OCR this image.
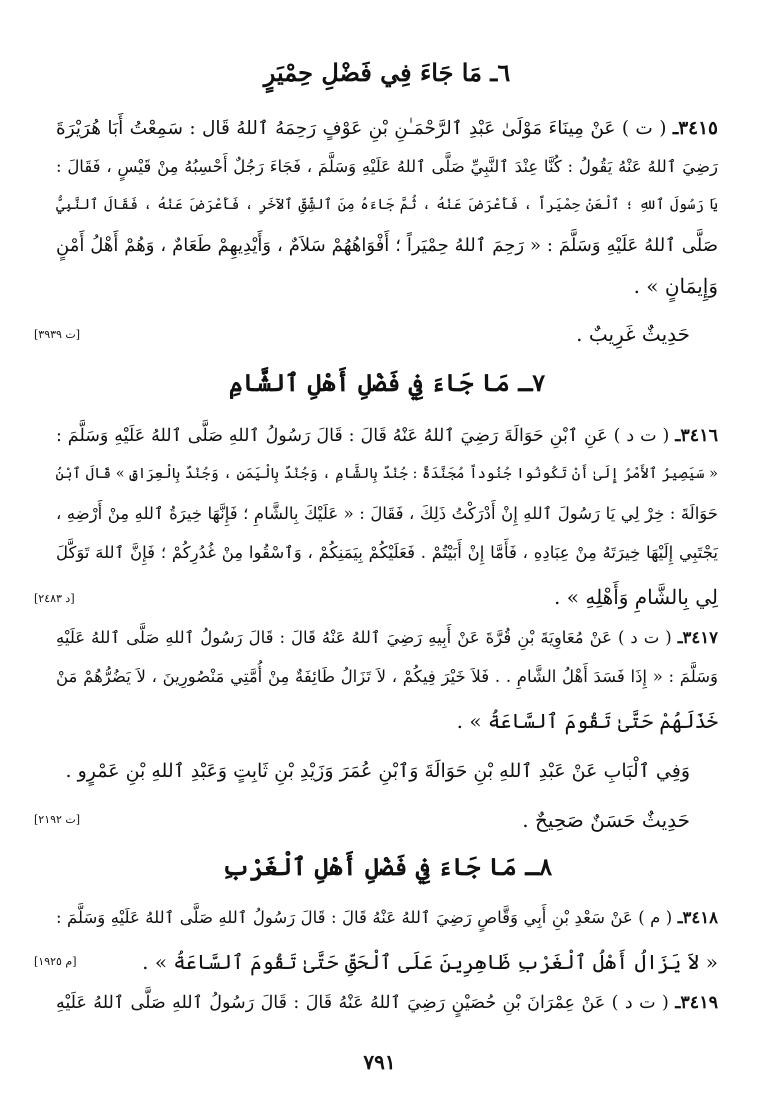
٦ـ مَا جَاءَ فِي فَضْلِ حِمْيَرٍ
٣٤١٥ـ ( ت ) عَنْ مِينَاءَ مَوْلَىٰ عَبْدِ ٱلرَّحْمَـٰنِ بْنِ عَوْفٍ رَحِمَهُ ٱللهُ قَال : سَمِعْتُ أَبَا هُرَيْرَةَ
رَضِيَ ٱللهُ عَنْهُ يَقُولُ : كُنَّا عِنْدَ ٱلنَّبِيِّ صَلَّى ٱللهُ عَلَيْهِ وَسَلَّمَ ، فَجَاءَ رَجُلٌ أَحْسِبُهُ مِنْ قَيْسٍ ، فَقَالَ :
يَا رَسُولَ ٱللهِ ؛ ٱلْعَنْ حِمْيَراً ، فَأَعْرَضَ عَنْهُ ، ثُمَّ جَاءَهُ مِنَ ٱلشِّقِّ ٱلآخَرِ ، فَأَعْرَضَ عَنْهُ ، فَقَالَ ٱلنَّبِيُّ
صَلَّى ٱللهُ عَلَيْهِ وَسَلَّمَ : « رَحِمَ ٱللهُ حِمْيَراً ؛ أَفْوَاهُهُمْ سَلاَمٌ ، وَأَيْدِيهِمْ طَعَامٌ ، وَهُمْ أَهْلُ أَمْنٍ
وَإِيمَانٍ » .
حَدِيثٌ غَرِيبٌ .
[ت ٣٩٣٩]
٧ـ مَا جَاءَ فِي فَضْلِ أَهْلِ ٱلشَّامِ
٣٤١٦ـ ( ت د ) عَنِ ٱبْنِ حَوَالَةَ رَضِيَ ٱللهُ عَنْهُ قَالَ : قَالَ رَسُولُ ٱللهِ صَلَّى ٱللهُ عَلَيْهِ وَسَلَّمَ :
« سَيَصِيرُ ٱلأَمْرُ إِلَىٰ أَنْ تَكُونُوا جُنُوداً مُجَنَّدَةً : جُنْدٌ بِالشَّامِ ، وَجُنْدٌ بِالْيَمَنِ ، وَجُنْدٌ بِالْعِرَاقِ » قَالَ ٱبْنُ
حَوَالَةَ : خِرْ لِي يَا رَسُولَ ٱللهِ إِنْ أَدْرَكْتُ ذَلِكَ ، فَقَالَ : « عَلَيْكَ بِالشَّامِ ؛ فَإِنَّهَا خِيرَةُ ٱللهِ مِنْ أَرْضِهِ ،
يَجْتَبِي إِلَيْهَا خِيرَتَهُ مِنْ عِبَادِهِ ، فَأَمَّا إِنْ أَبَيْتُمْ . فَعَلَيْكُمْ بِيَمَنِكُمْ ، وَٱسْقُوا مِنْ غُدُرِكُمْ ؛ فَإِنَّ ٱللهَ تَوَكَّلَ
لِي بِالشَّامِ وَأَهْلِهِ » .
[د ٢٤٨٣]
٣٤١٧ـ ( ت د ) عَنْ مُعَاوِيَةَ بْنِ قُرَّةَ عَنْ أَبِيهِ رَضِيَ ٱللهُ عَنْهُ قَالَ : قَالَ رَسُولُ ٱللهِ صَلَّى ٱللهُ عَلَيْهِ
وَسَلَّمَ : « إِذَا فَسَدَ أَهْلُ الشَّامِ . . فَلاَ خَيْرَ فِيكُمْ ، لاَ تَزَالُ طَائِفَةٌ مِنْ أُمَّتِي مَنْصُورِينَ ، لاَ يَضُرُّهُمْ مَنْ
خَذَلَهُمْ حَتَّىٰ تَقُومَ ٱلسَّاعَةُ » .
وَفِي ٱلْبَابِ عَنْ عَبْدِ ٱللهِ بْنِ حَوَالَةَ وَٱبْنِ عُمَرَ وَزَيْدِ بْنِ ثَابِتٍ وَعَبْدِ ٱللهِ بْنِ عَمْرٍو .
حَدِيثٌ حَسَنٌ صَحِيحٌ .
[ت ٢١٩٢]
٨ـ مَا جَاءَ فِي فَضْلِ أَهْلِ ٱلْغَرْبِ
٣٤١٨ـ ( م ) عَنْ سَعْدِ بْنِ أَبِي وَقَّاصٍ رَضِيَ ٱللهُ عَنْهُ قَالَ : قَالَ رَسُولُ ٱللهِ صَلَّى ٱللهُ عَلَيْهِ وَسَلَّمَ :
« لاَ يَزَالُ أَهْلُ ٱلْغَرْبِ ظَاهِرِينَ عَلَى ٱلْحَقِّ حَتَّىٰ تَقُومَ ٱلسَّاعَةُ » .
[م ١٩٢٥]
٣٤١٩ـ ( ت د ) عَنْ عِمْرَانَ بْنِ حُصَيْنٍ رَضِيَ ٱللهُ عَنْهُ قَالَ : قَالَ رَسُولُ ٱللهِ صَلَّى ٱللهُ عَلَيْهِ
٧٩١
